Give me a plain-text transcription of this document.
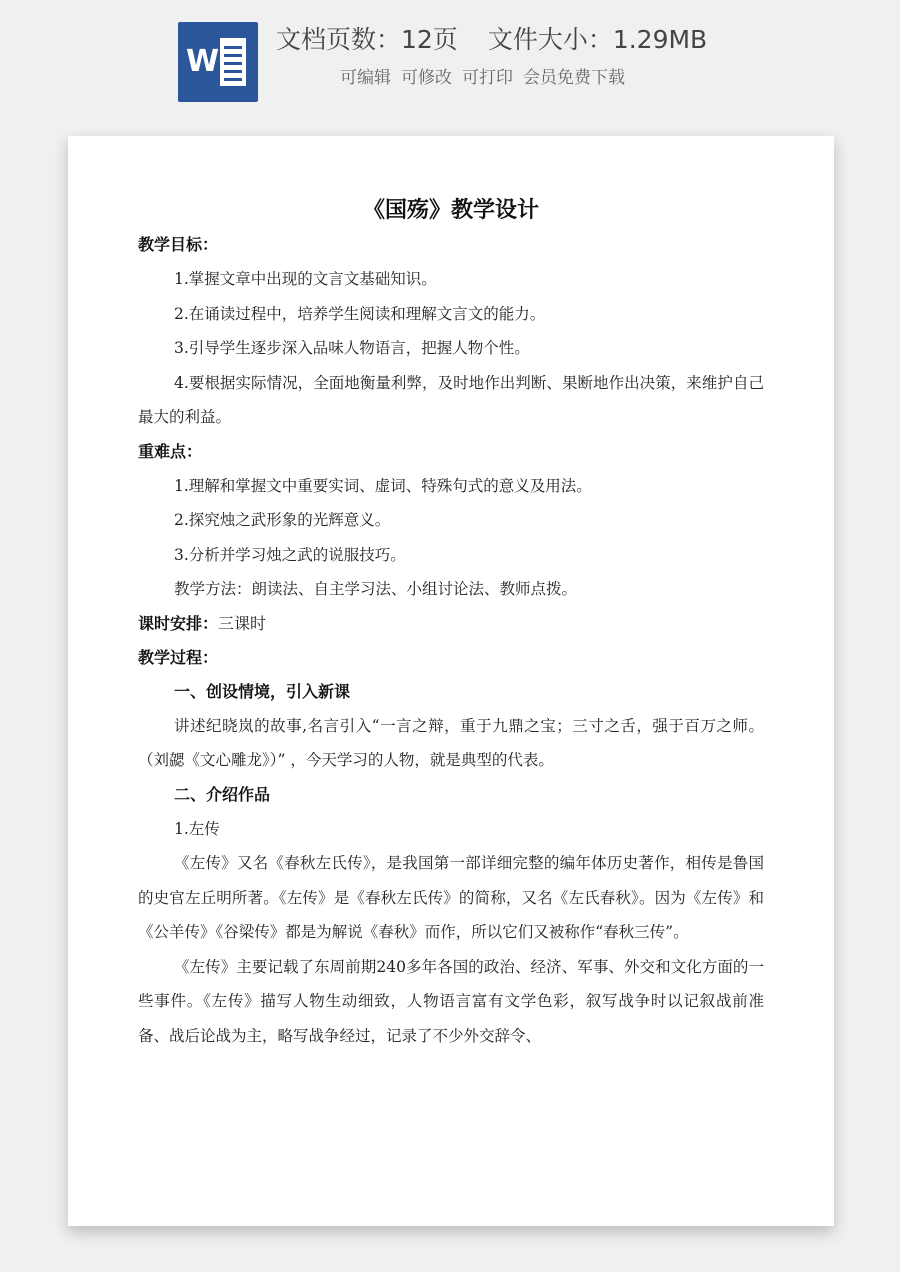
W
文档页数：12页 文件大小：1.29MB
可编辑 可修改 可打印 会员免费下载
《国殇》教学设计

教学目标：

1.掌握文章中出现的文言文基础知识。

2.在诵读过程中，培养学生阅读和理解文言文的能力。

3.引导学生逐步深入品味人物语言，把握人物个性。

4.要根据实际情况，全面地衡量利弊，及时地作出判断、果断地作出决策，来维护自己最大的利益。

重难点：

1.理解和掌握文中重要实词、虚词、特殊句式的意义及用法。

2.探究烛之武形象的光辉意义。

3.分析并学习烛之武的说服技巧。

教学方法：朗读法、自主学习法、小组讨论法、教师点拨。

课时安排：三课时

教学过程：

一、创设情境，引入新课

讲述纪晓岚的故事,名言引入“一言之辩，重于九鼎之宝；三寸之舌，强于百万之师。（刘勰《文心雕龙》）” ，今天学习的人物，就是典型的代表。

二、介绍作品

1.左传

《左传》又名《春秋左氏传》，是我国第一部详细完整的编年体历史著作，相传是鲁国的史官左丘明所著。《左传》是《春秋左氏传》的简称，又名《左氏春秋》。因为《左传》和《公羊传》《谷梁传》都是为解说《春秋》而作，所以它们又被称作“春秋三传”。

《左传》主要记载了东周前期240多年各国的政治、经济、军事、外交和文化方面的一些事件。《左传》描写人物生动细致，人物语言富有文学色彩，叙写战争时以记叙战前准备、战后论战为主，略写战争经过，记录了不少外交辞令、
